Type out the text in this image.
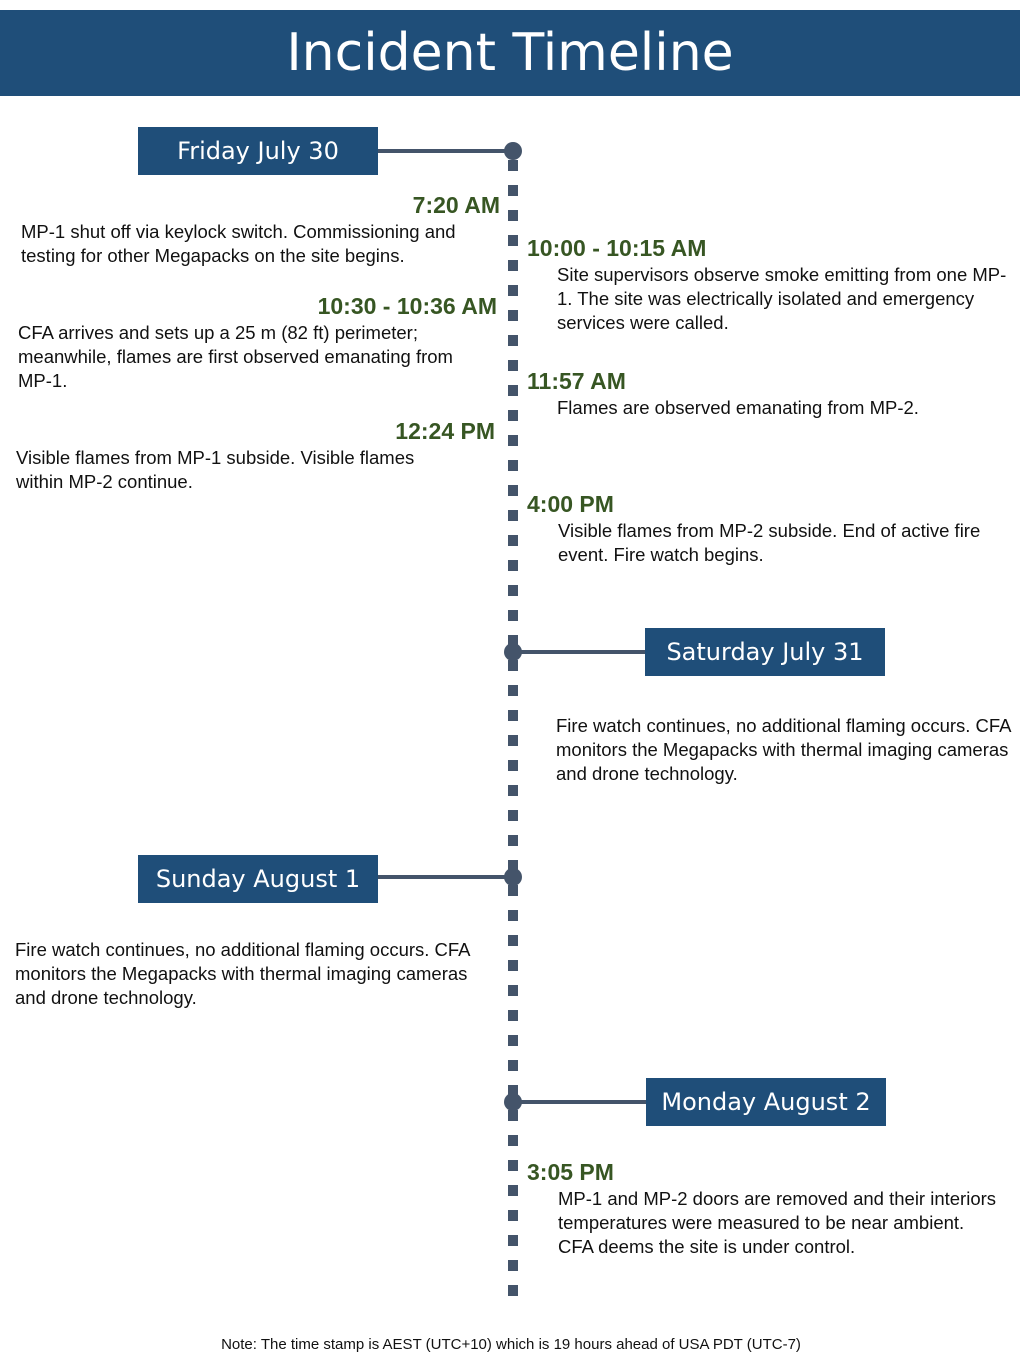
Incident Timeline
Friday July 30
Saturday July 31
Sunday August 1
Monday August 2
7:20 AM
MP-1 shut off via keylock switch. Commissioning and testing for other Megapacks on the site begins.	10:00 - 10:15 AM
Site supervisors observe smoke emitting from one MP-1. The site was electrically isolated and emergency services were called.
10:30 - 10:36 AM
CFA arrives and sets up a 25 m (82 ft) perimeter; meanwhile, flames are first observed emanating from MP-1.	11:57 AM
Flames are observed emanating from MP-2.
12:24 PM
Visible flames from MP-1 subside. Visible flames within MP-2 continue.
4:00 PM
Visible flames from MP-2 subside. End of active fire event. Fire watch begins.
Fire watch continues, no additional flaming occurs. CFA monitors the Megapacks with thermal imaging cameras and drone technology.
Fire watch continues, no additional flaming occurs. CFA monitors the Megapacks with thermal imaging cameras and drone technology.
3:05 PM
MP-1 and MP-2 doors are removed and their interiors temperatures were measured to be near ambient. CFA deems the site is under control.
Note: The time stamp is AEST (UTC+10) which is 19 hours ahead of USA PDT (UTC-7)
